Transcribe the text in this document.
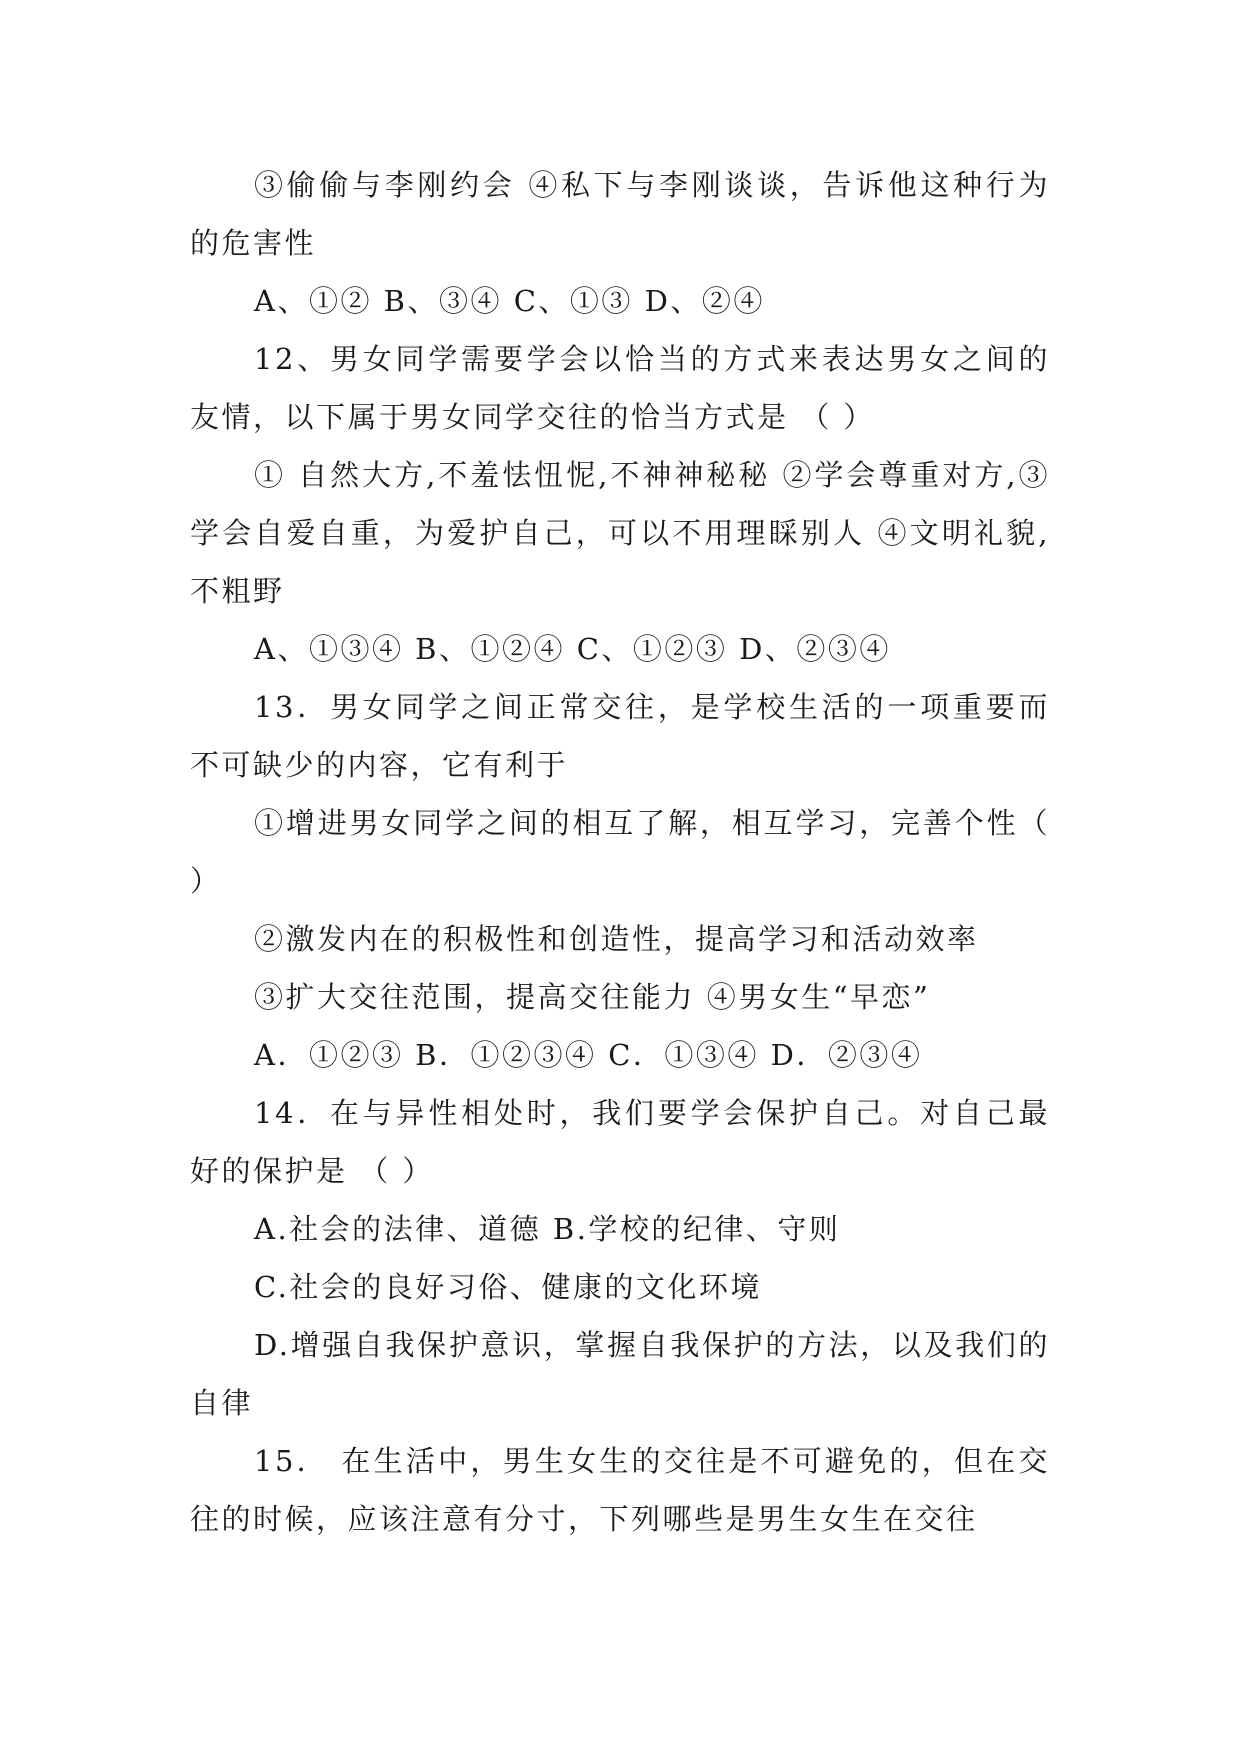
③偷偷与李刚约会 ④私下与李刚谈谈，告诉他这种行为的危害性

A、①② B、③④ C、①③ D、②④

12、男女同学需要学会以恰当的方式来表达男女之间的友情，以下属于男女同学交往的恰当方式是 （ ）

① 自然大方,不羞怯忸怩,不神神秘秘 ②学会尊重对方,③学会自爱自重，为爱护自己，可以不用理睬别人 ④文明礼貌,不粗野

A、①③④ B、①②④ C、①②③ D、②③④

13．男女同学之间正常交往，是学校生活的一项重要而不可缺少的内容，它有利于

①增进男女同学之间的相互了解，相互学习，完善个性（ ）

②激发内在的积极性和创造性，提高学习和活动效率

③扩大交往范围，提高交往能力 ④男女生“早恋”

A．①②③ B．①②③④ C．①③④ D．②③④

14．在与异性相处时，我们要学会保护自己。对自己最好的保护是 （ ）

A.社会的法律、道德 B.学校的纪律、守则

C.社会的良好习俗、健康的文化环境

D.增强自我保护意识，掌握自我保护的方法，以及我们的自律

15． 在生活中，男生女生的交往是不可避免的，但在交往的时候，应该注意有分寸，下列哪些是男生女生在交往
